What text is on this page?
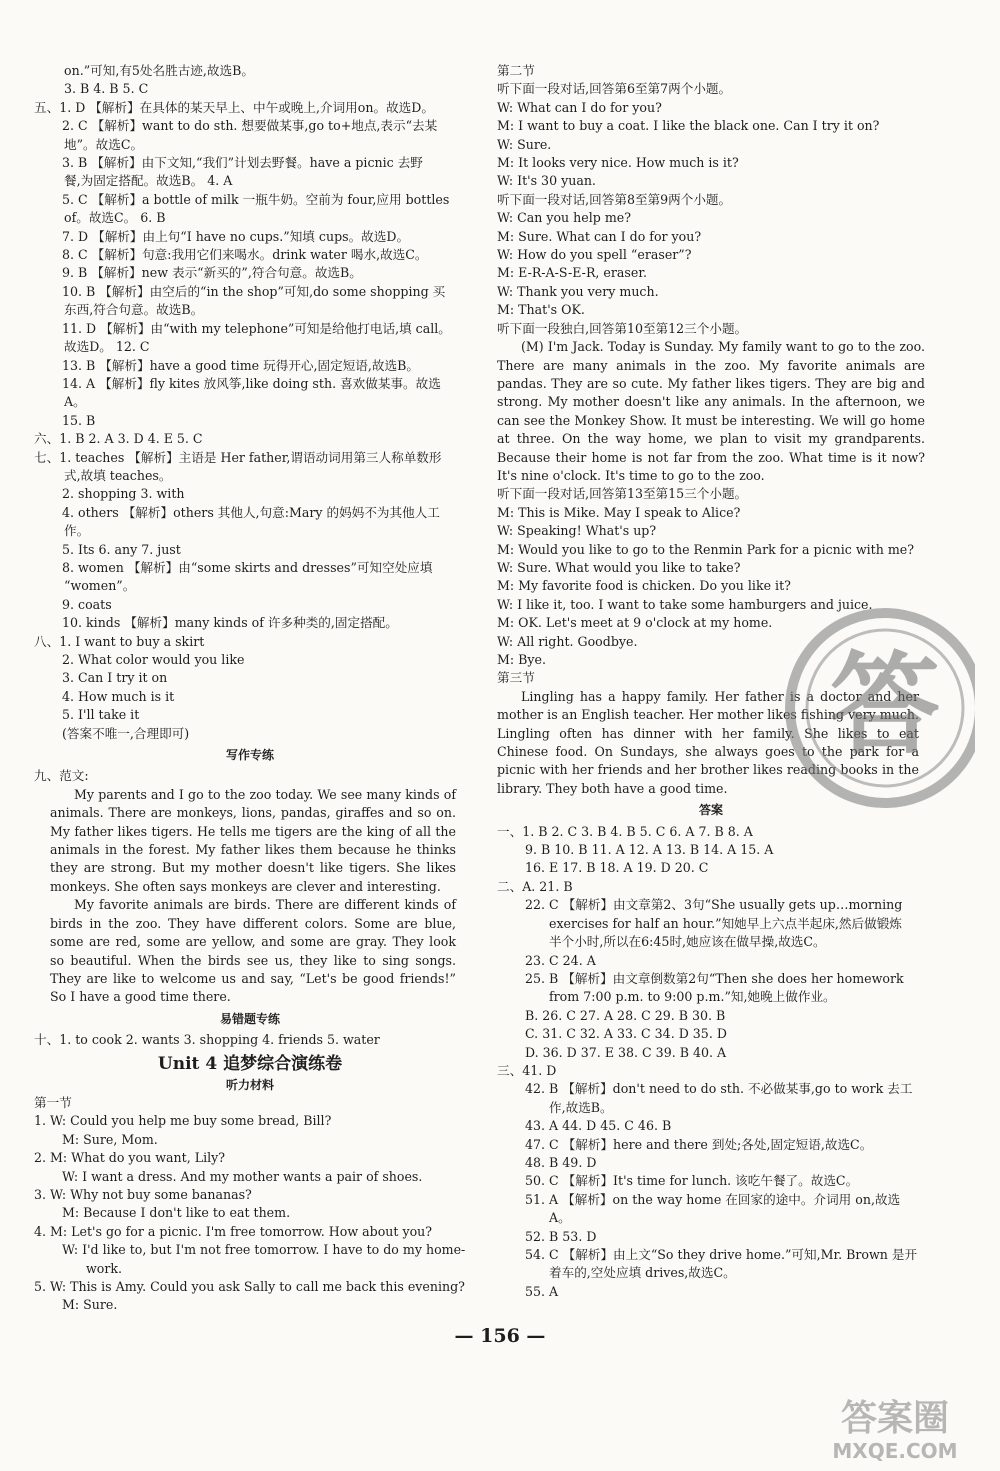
on.”可知,有5处名胜古迹,故选B。
3. B 4. B 5. C
五、1. D 【解析】在具体的某天早上、中午或晚上,介词用on。故选D。
2. C 【解析】want to do sth. 想要做某事,go to+地点,表示“去某
地”。故选C。
3. B 【解析】由下文知,“我们”计划去野餐。have a picnic 去野
餐,为固定搭配。故选B。 4. A
5. C 【解析】a bottle of milk 一瓶牛奶。空前为 four,应用 bottles
of。故选C。 6. B
7. D 【解析】由上句“I have no cups.”知填 cups。故选D。
8. C 【解析】句意:我用它们来喝水。drink water 喝水,故选C。
9. B 【解析】new 表示“新买的”,符合句意。故选B。
10. B 【解析】由空后的“in the shop”可知,do some shopping 买
东西,符合句意。故选B。
11. D 【解析】由“with my telephone”可知是给他打电话,填 call。
故选D。 12. C
13. B 【解析】have a good time 玩得开心,固定短语,故选B。
14. A 【解析】fly kites 放风筝,like doing sth. 喜欢做某事。故选
A。
15. B
六、1. B 2. A 3. D 4. E 5. C
七、1. teaches 【解析】主语是 Her father,谓语动词用第三人称单数形
式,故填 teaches。
2. shopping 3. with
4. others 【解析】others 其他人,句意:Mary 的妈妈不为其他人工
作。
5. Its 6. any 7. just
8. women 【解析】由“some skirts and dresses”可知空处应填
“women”。
9. coats
10. kinds 【解析】many kinds of 许多种类的,固定搭配。
八、1. I want to buy a skirt
2. What color would you like
3. Can I try it on
4. How much is it
5. I'll take it
(答案不唯一,合理即可)
写作专练
九、范文:
My parents and I go to the zoo today. We see many kinds of animals. There are monkeys, lions, pandas, giraffes and so on. My father likes tigers. He tells me tigers are the king of all the animals in the forest. My father likes them because he thinks they are strong. But my mother doesn't like tigers. She likes monkeys. She often says monkeys are clever and interesting.
My favorite animals are birds. There are different kinds of birds in the zoo. They have different colors. Some are blue, some are red, some are yellow, and some are gray. They look so beautiful. When the birds see us, they like to sing songs. They are like to welcome us and say, “Let's be good friends!” So I have a good time there.
易错题专练
十、1. to cook 2. wants 3. shopping 4. friends 5. water
Unit 4 追梦综合演练卷
听力材料
第一节
1. W: Could you help me buy some bread, Bill?
M: Sure, Mom.
2. M: What do you want, Lily?
W: I want a dress. And my mother wants a pair of shoes.
3. W: Why not buy some bananas?
M: Because I don't like to eat them.
4. M: Let's go for a picnic. I'm free tomorrow. How about you?
W: I'd like to, but I'm not free tomorrow. I have to do my home-
work.
5. W: This is Amy. Could you ask Sally to call me back this evening?
M: Sure.
第二节
听下面一段对话,回答第6至第7两个小题。
W: What can I do for you?
M: I want to buy a coat. I like the black one. Can I try it on?
W: Sure.
M: It looks very nice. How much is it?
W: It's 30 yuan.
听下面一段对话,回答第8至第9两个小题。
W: Can you help me?
M: Sure. What can I do for you?
W: How do you spell “eraser”?
M: E-R-A-S-E-R, eraser.
W: Thank you very much.
M: That's OK.
听下面一段独白,回答第10至第12三个小题。
(M) I'm Jack. Today is Sunday. My family want to go to the zoo. There are many animals in the zoo. My favorite animals are pandas. They are so cute. My father likes tigers. They are big and strong. My mother doesn't like any animals. In the afternoon, we can see the Monkey Show. It must be interesting. We will go home at three. On the way home, we plan to visit my grandparents. Because their home is not far from the zoo. What time is it now? It's nine o'clock. It's time to go to the zoo.
听下面一段对话,回答第13至第15三个小题。
M: This is Mike. May I speak to Alice?
W: Speaking! What's up?
M: Would you like to go to the Renmin Park for a picnic with me?
W: Sure. What would you like to take?
M: My favorite food is chicken. Do you like it?
W: I like it, too. I want to take some hamburgers and juice.
M: OK. Let's meet at 9 o'clock at my home.
W: All right. Goodbye.
M: Bye.
第三节
Lingling has a happy family. Her father is a doctor and her mother is an English teacher. Her mother likes fishing very much. Lingling often has dinner with her family. She likes to eat Chinese food. On Sundays, she always goes to the park for a picnic with her friends and her brother likes reading books in the library. They both have a good time.
答案
一、1. B 2. C 3. B 4. B 5. C 6. A 7. B 8. A
9. B 10. B 11. A 12. A 13. B 14. A 15. A
16. E 17. B 18. A 19. D 20. C
二、A. 21. B
22. C 【解析】由文章第2、3句“She usually gets up…morning
exercises for half an hour.”知她早上六点半起床,然后做锻炼
半个小时,所以在6:45时,她应该在做早操,故选C。
23. C 24. A
25. B 【解析】由文章倒数第2句“Then she does her homework
from 7:00 p.m. to 9:00 p.m.”知,她晚上做作业。
B. 26. C 27. A 28. C 29. B 30. B
C. 31. C 32. A 33. C 34. D 35. D
D. 36. D 37. E 38. C 39. B 40. A
三、41. D
42. B 【解析】don't need to do sth. 不必做某事,go to work 去工
作,故选B。
43. A 44. D 45. C 46. B
47. C 【解析】here and there 到处;各处,固定短语,故选C。
48. B 49. D
50. C 【解析】It's time for lunch. 该吃午餐了。故选C。
51. A 【解析】on the way home 在回家的途中。介词用 on,故选
A。
52. B 53. D
54. C 【解析】由上文“So they drive home.”可知,Mr. Brown 是开
着车的,空处应填 drives,故选C。
55. A
答
— 156 —
答案圈
MXQE.COM
